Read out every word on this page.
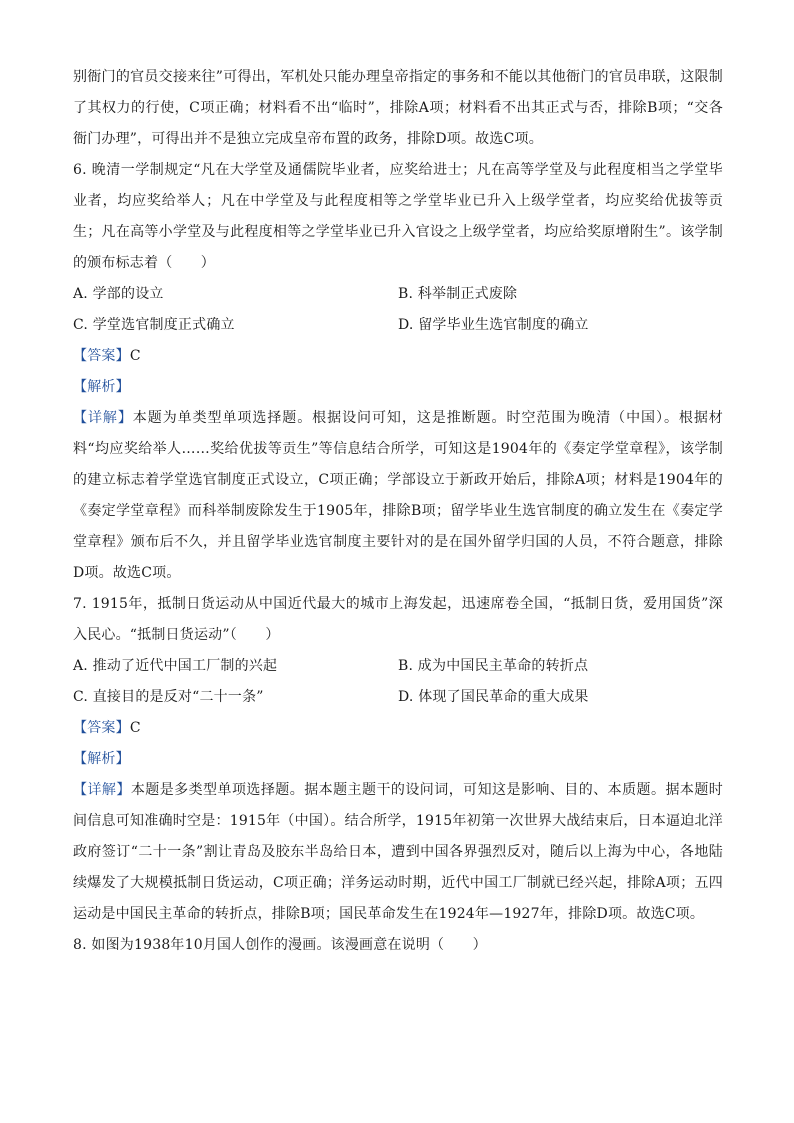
别衙门的官员交接来往”可得出，军机处只能办理皇帝指定的事务和不能以其他衙门的官员串联，这限制了其权力的行使，C项正确；材料看不出“临时”，排除A项；材料看不出其正式与否，排除B项；“交各衙门办理”，可得出并不是独立完成皇帝布置的政务，排除D项。故选C项。

6. 晚清一学制规定“凡在大学堂及通儒院毕业者，应奖给进士；凡在高等学堂及与此程度相当之学堂毕业者，均应奖给举人；凡在中学堂及与此程度相等之学堂毕业已升入上级学堂者，均应奖给优拔等贡生；凡在高等小学堂及与此程度相等之学堂毕业已升入官设之上级学堂者，均应给奖原增附生”。该学制的颁布标志着（　　）

A. 学部的设立	B. 科举制正式废除

C. 学堂选官制度正式确立	D. 留学毕业生选官制度的确立

【答案】C

【解析】

【详解】本题为单类型单项选择题。根据设问可知，这是推断题。时空范围为晚清（中国）。根据材料“均应奖给举人……奖给优拔等贡生”等信息结合所学，可知这是1904年的《奏定学堂章程》，该学制的建立标志着学堂选官制度正式设立，C项正确；学部设立于新政开始后，排除A项；材料是1904年的《奏定学堂章程》而科举制废除发生于1905年，排除B项；留学毕业生选官制度的确立发生在《奏定学堂章程》颁布后不久，并且留学毕业选官制度主要针对的是在国外留学归国的人员，不符合题意，排除D项。故选C项。

7. 1915年，抵制日货运动从中国近代最大的城市上海发起，迅速席卷全国，“抵制日货，爱用国货”深入民心。“抵制日货运动”（　　）

A. 推动了近代中国工厂制的兴起	B. 成为中国民主革命的转折点

C. 直接目的是反对“二十一条”	D. 体现了国民革命的重大成果

【答案】C

【解析】

【详解】本题是多类型单项选择题。据本题主题干的设问词，可知这是影响、目的、本质题。据本题时间信息可知准确时空是：1915年（中国）。结合所学，1915年初第一次世界大战结束后，日本逼迫北洋政府签订“二十一条”割让青岛及胶东半岛给日本，遭到中国各界强烈反对，随后以上海为中心，各地陆续爆发了大规模抵制日货运动，C项正确；洋务运动时期，近代中国工厂制就已经兴起，排除A项；五四运动是中国民主革命的转折点，排除B项；国民革命发生在1924年—1927年，排除D项。故选C项。

8. 如图为1938年10月国人创作的漫画。该漫画意在说明（　　）
